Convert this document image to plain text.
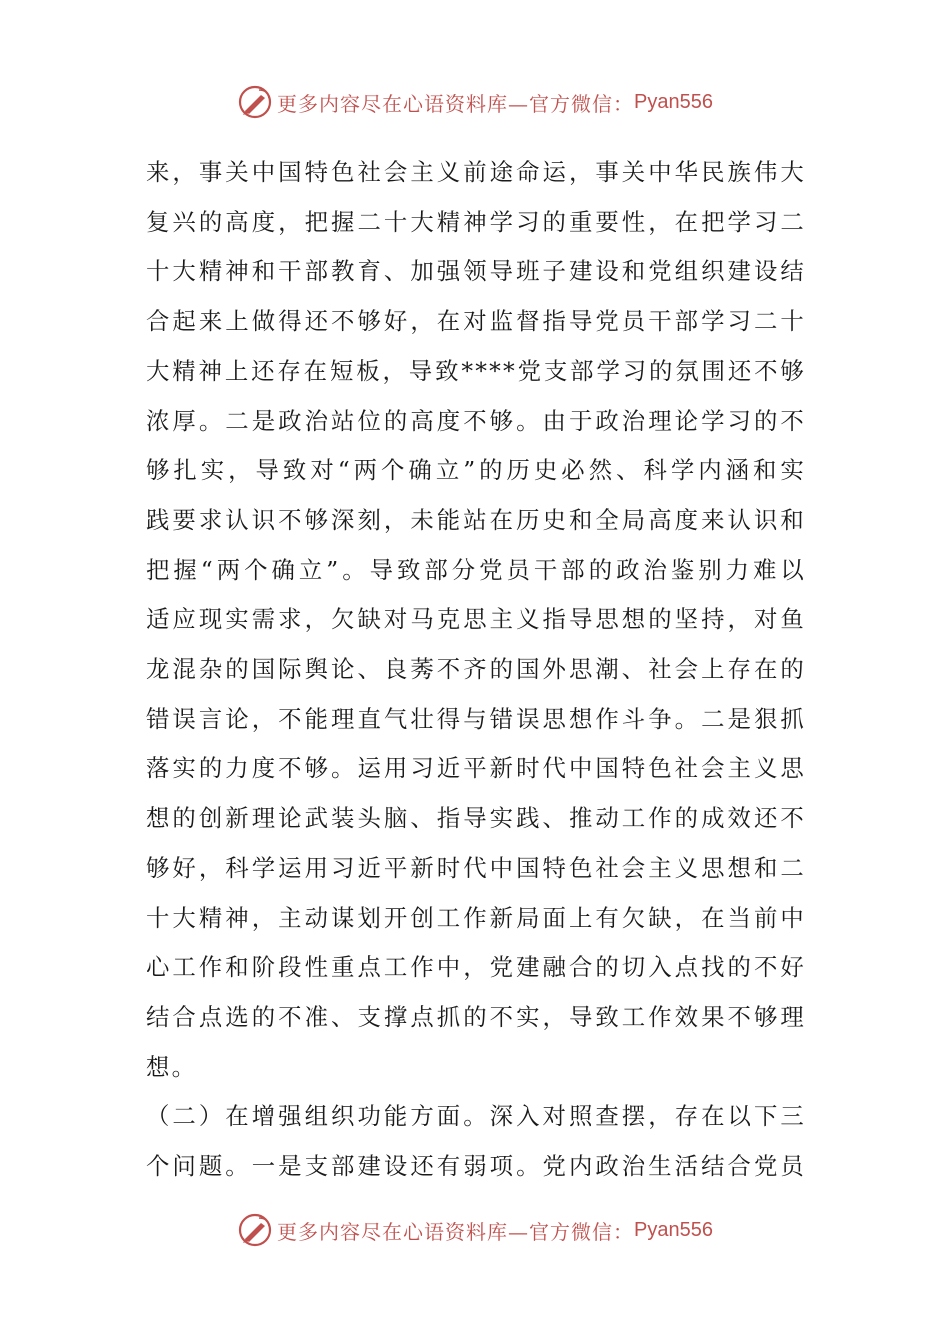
更多内容尽在心语资料库—官方微信： Pyan556
来，事关中国特色社会主义前途命运，事关中华民族伟大
复兴的高度，把握二十大精神学习的重要性，在把学习二
十大精神和干部教育、加强领导班子建设和党组织建设结
合起来上做得还不够好，在对监督指导党员干部学习二十
大精神上还存在短板，导致****党支部学习的氛围还不够
浓厚。二是政治站位的高度不够。由于政治理论学习的不
够扎实，导致对“两个确立”的历史必然、科学内涵和实
践要求认识不够深刻，未能站在历史和全局高度来认识和
把握“两个确立”。导致部分党员干部的政治鉴别力难以
适应现实需求，欠缺对马克思主义指导思想的坚持，对鱼
龙混杂的国际舆论、良莠不齐的国外思潮、社会上存在的
错误言论，不能理直气壮得与错误思想作斗争。二是狠抓
落实的力度不够。运用习近平新时代中国特色社会主义思
想的创新理论武装头脑、指导实践、推动工作的成效还不
够好，科学运用习近平新时代中国特色社会主义思想和二
十大精神，主动谋划开创工作新局面上有欠缺，在当前中
心工作和阶段性重点工作中，党建融合的切入点找的不好
结合点选的不准、支撑点抓的不实，导致工作效果不够理
想。
（二）在增强组织功能方面。深入对照查摆，存在以下三
个问题。一是支部建设还有弱项。党内政治生活结合党员
更多内容尽在心语资料库—官方微信： Pyan556
